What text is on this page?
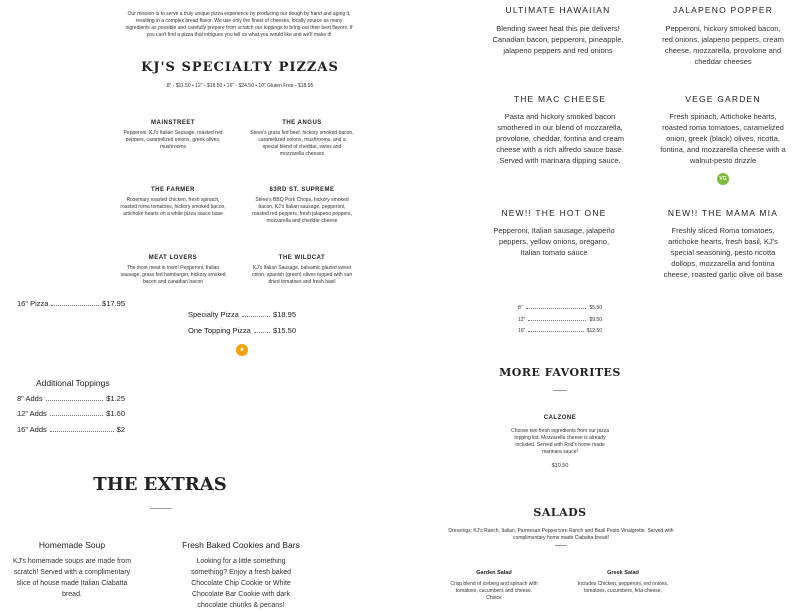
Our mission is to serve a truly unique pizza experience by producing our dough by hand and aging it, resulting in a complex bread flavor. We use only the finest of cheeses, locally source as many ingredients as possible and carefully prepare from scratch our toppings to bring out their best flavors. If you can't find a pizza that intrigues you tell us what you would like and we'll make it!
KJ'S SPECIALTY PIZZAS
8" - $11.50 • 12" - $18.50 • 16" - $24.50 • 10" Gluten Free - $18.95
MAINSTREET
Pepperoni, KJ's Italian Sausage, roasted red peppers, caramelized onions, greek olives, mushrooms
THE ANGUS
Steve's grass fed beef, hickory smoked bacon, caramelized onions, mushrooms, and a special blend of cheddar, swiss and mozzarella cheeses
THE FARMER
Rosemary roasted chicken, fresh spinach, roasted roma tomatoes, hickory smoked bacon, artichoke hearts on a white pizza sauce base
83RD ST. SUPREME
Steve's BBQ Pork Chops, hickory smoked bacon, KJ's Italian sausage, pepperoni, roasted red peppers, fresh jalapeno peppers, mozzarella and cheddar cheese
MEAT LOVERS
The most meat in town! Pepperoni, Italian sausage, grass fed hamburger, hickory smoked bacon and canadian bacon
THE WILDCAT
KJ's Italian Sausage, balsamic glazed sweet onion, spanish (green) olives topped with sun dried tomatoes and fresh basil
16" Pizza	$17.95
Specialty Pizza	$18.95
One Topping Pizza	$15.50
★
Additional Toppings
8" Adds	$1.25
12" Adds	$1.60
16" Adds	$2
THE EXTRAS
Homemade Soup
KJ's homemade soups are made from scratch! Served with a complimentary slice of house made Italian Ciabatta bread.
Fresh Baked Cookies and Bars
Looking for a little something something? Enjoy a fresh baked Chocolate Chip Cookie or White Chocolate Bar Cookie with dark chocolate chunks & pecans!
ULTIMATE HAWAIIAN
Blending sweet heat this pie delivers! Canadian bacon, pepperoni, pineapple, jalapeno peppers and red onions
JALAPENO POPPER
Pepperoni, hickory smoked bacon, red onions, jalapeno peppers, cream cheese, mozzarella, provolone and cheddar cheeses
THE MAC CHEESE
Pasta and hickory smoked bacon smothered in our blend of mozzarella, provolone, cheddar, fontina and cream cheese with a rich alfredo sauce base. Served with marinara dipping sauce.
VEGE GARDEN
Fresh spinach, Artichoke hearts, roasted roma tomatoes, caramelized onion, greek (black) olives, ricotta, fontina, and mozzarella cheese with a walnut-pesto drizzle
VG
NEW!! THE HOT ONE
Pepperoni, Italian sausage, jalapeño peppers, yellow onions, oregano, Italian tomato sauce
NEW!! THE MAMA MIA
Freshly sliced Roma tomatoes, artichoke hearts, fresh basil, KJ's special seasoning, pesto ricotta dollops, mozzarella and fontina cheese, roasted garlic olive oil base
8"	$5.50
12"	$9.50
16"	$12.50
MORE FAVORITES
CALZONE
Choose two fresh ingredients from our pizza topping list. Mozzarella cheese is already included. Served with Rod's home made marinara sauce!
$10.50
SALADS
Dressings: KJ's Ranch, Italian, Parmesan Peppercorn Ranch and Basil Pesto Vinaigrette. Served with complimentary home made Ciabatta bread!
Garden Salad
Crisp blend of iceberg and spinach with tomatoes, cucumbers and cheese. Choice
Greek Salad
Includes Chicken, pepperoni, red onions, tomatoes, cucumbers, feta cheese,
